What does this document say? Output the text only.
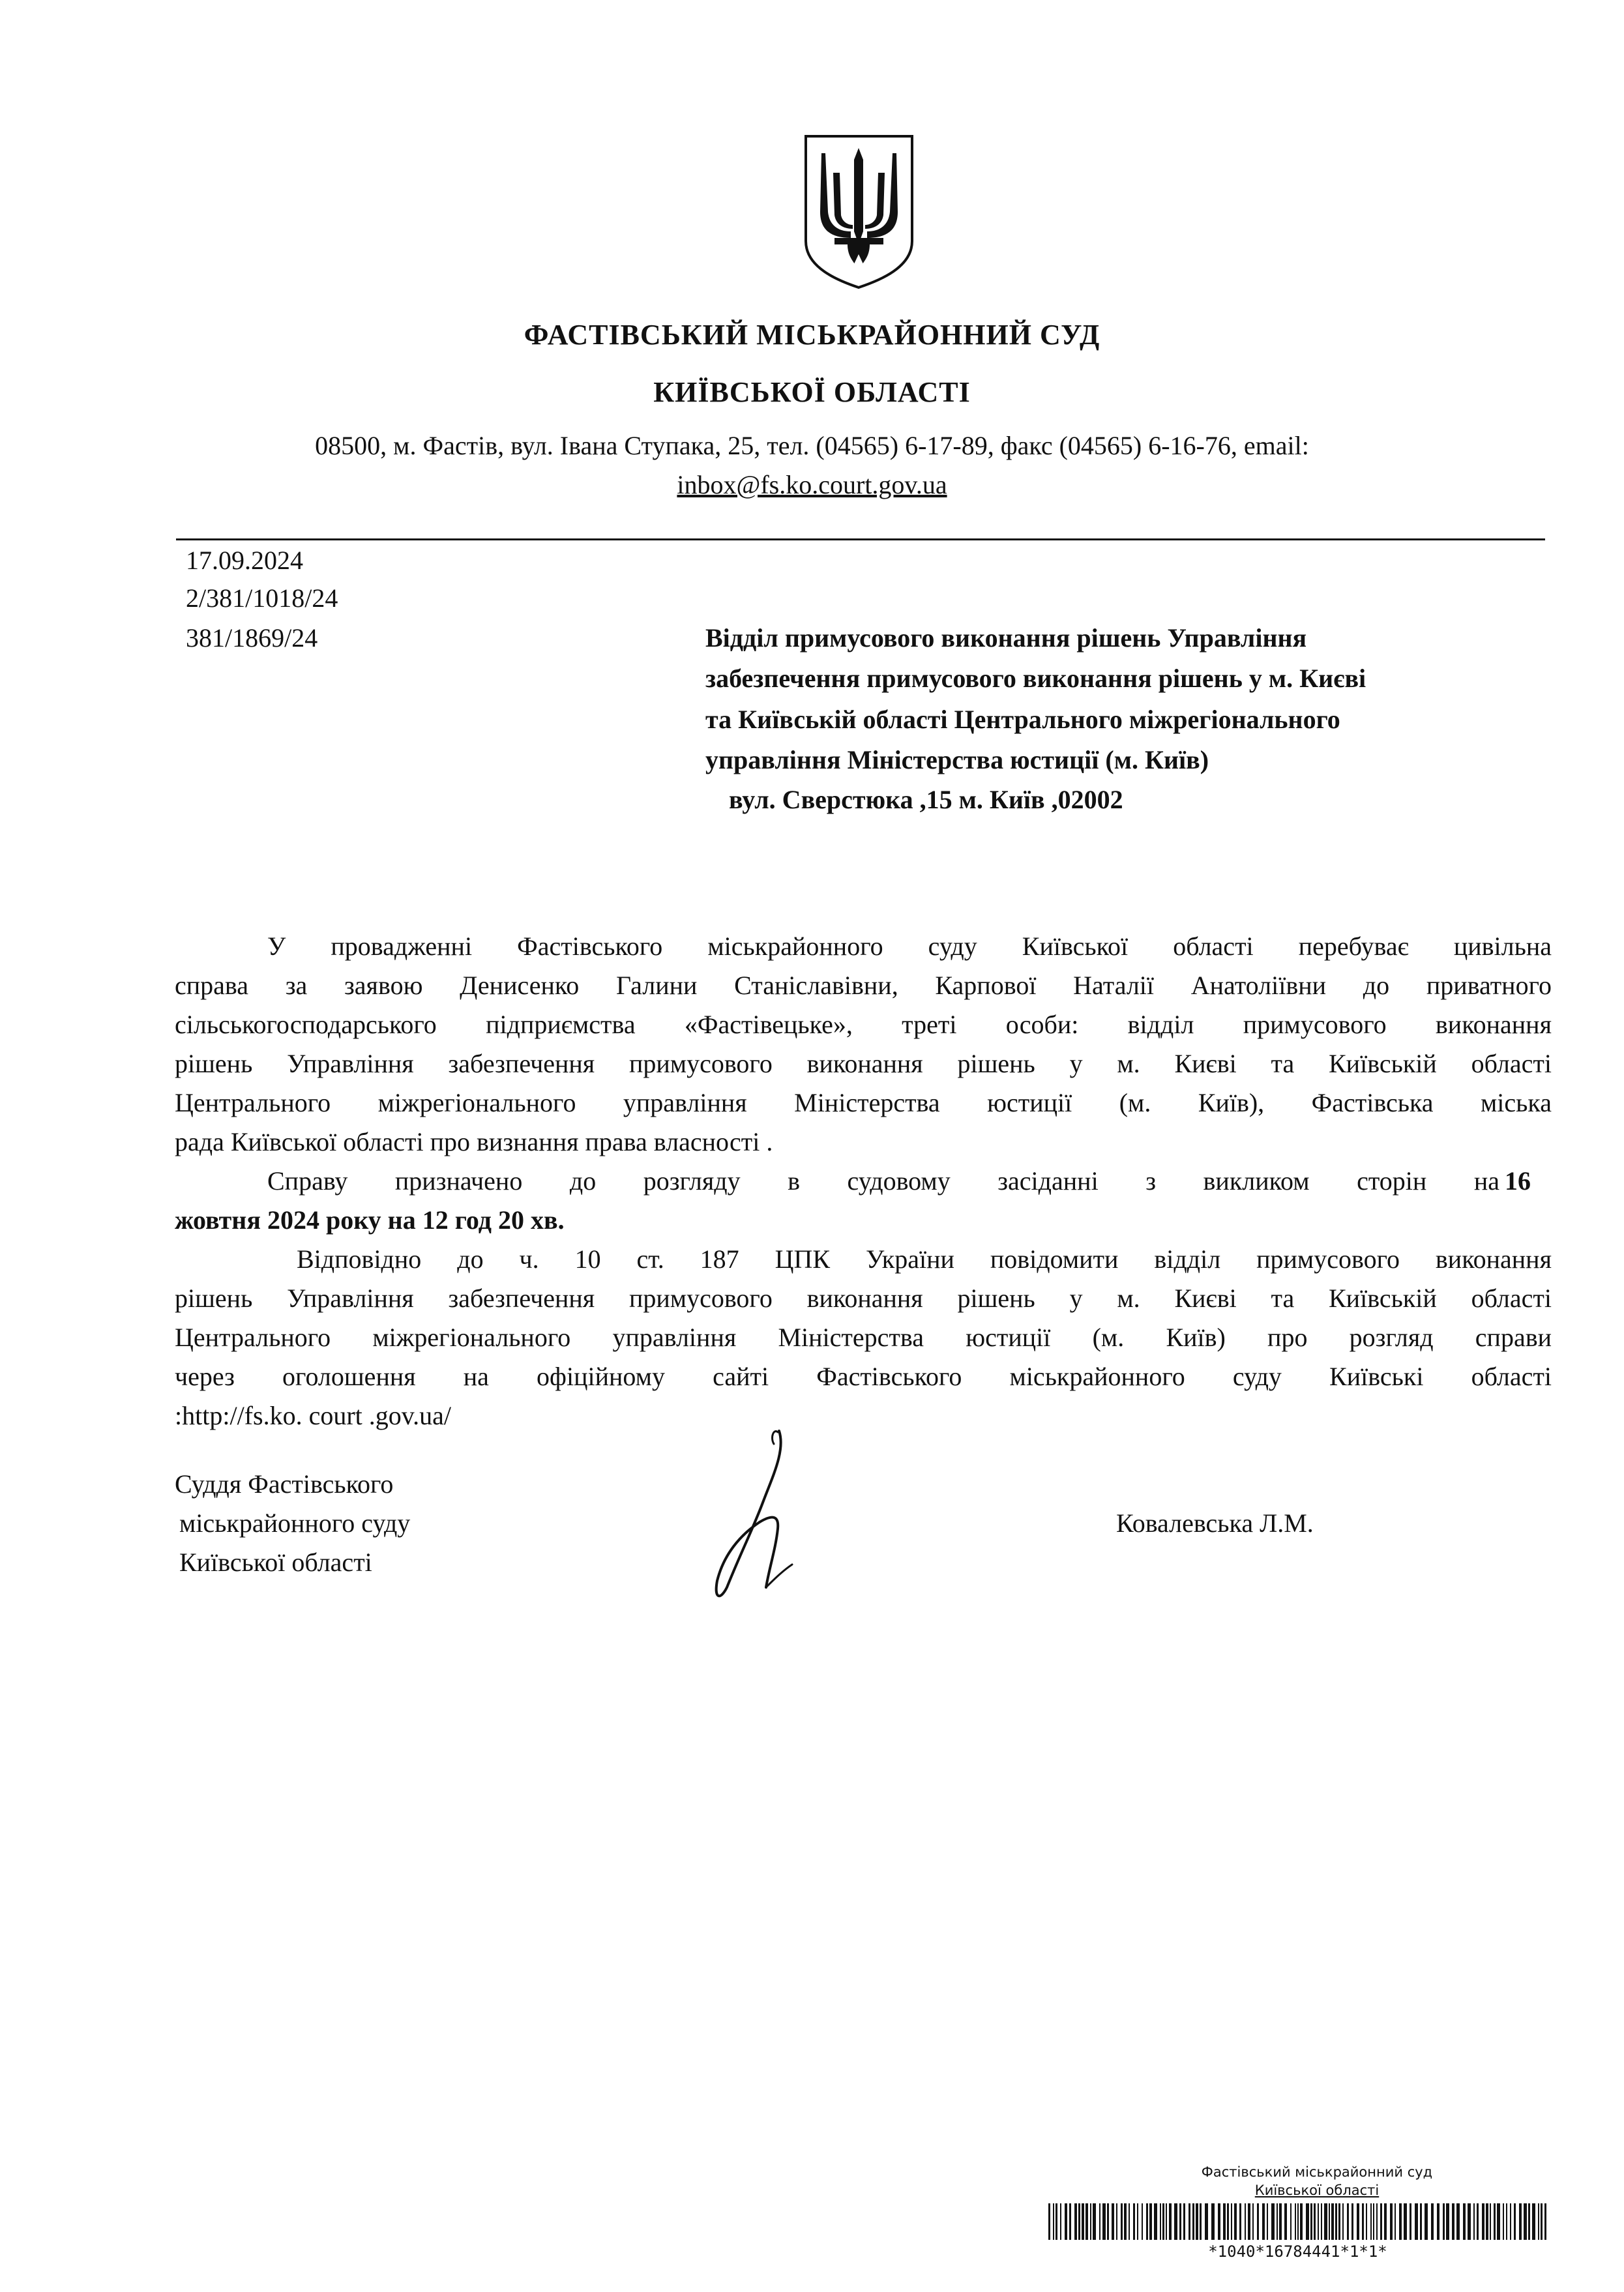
ФАСТІВСЬКИЙ МІСЬКРАЙОННИЙ СУД
КИЇВСЬКОЇ ОБЛАСТІ
08500, м. Фастів, вул. Івана Ступака, 25, тел. (04565) 6-17-89, факс (04565) 6-16-76, email:
inbox@fs.ko.court.gov.ua
17.09.2024
2/381/1018/24
381/1869/24	Відділ примусового виконання рішень Управління
забезпечення примусового виконання рішень у м. Києві
та Київській області Центрального міжрегіонального
управління Міністерства юстиції (м. Київ)
вул. Сверстюка ,15 м. Київ ,02002
У провадженні Фастівського міськрайонного суду Київської області перебуває цивільна
справа за заявою Денисенко Галини Станіславівни, Карпової Наталії Анатоліївни до приватного
сільськогосподарського підприємства «Фастівецьке», треті особи: відділ примусового виконання
рішень Управління забезпечення примусового виконання рішень у м. Києві та Київській області
Центрального міжрегіонального управління Міністерства юстиції (м. Київ), Фастівська міська
рада Київської області про визнання права власності .
Справу призначено до розгляду в судовому засіданні з викликом сторін на 16
жовтня 2024 року на 12 год 20 хв.
Відповідно до ч. 10 ст. 187 ЦПК України повідомити відділ примусового виконання
рішень Управління забезпечення примусового виконання рішень у м. Києві та Київській області
Центрального міжрегіонального управління Міністерства юстиції (м. Київ) про розгляд справи
через оголошення на офіційному сайті Фастівського міськрайонного суду Київські області
:http://fs.ko. court .gov.ua/
Суддя Фастівського
міськрайонного суду
Київської області
Ковалевська Л.М.
Фастівський міськрайонний суд
Київської області
*1040*16784441*1*1*
